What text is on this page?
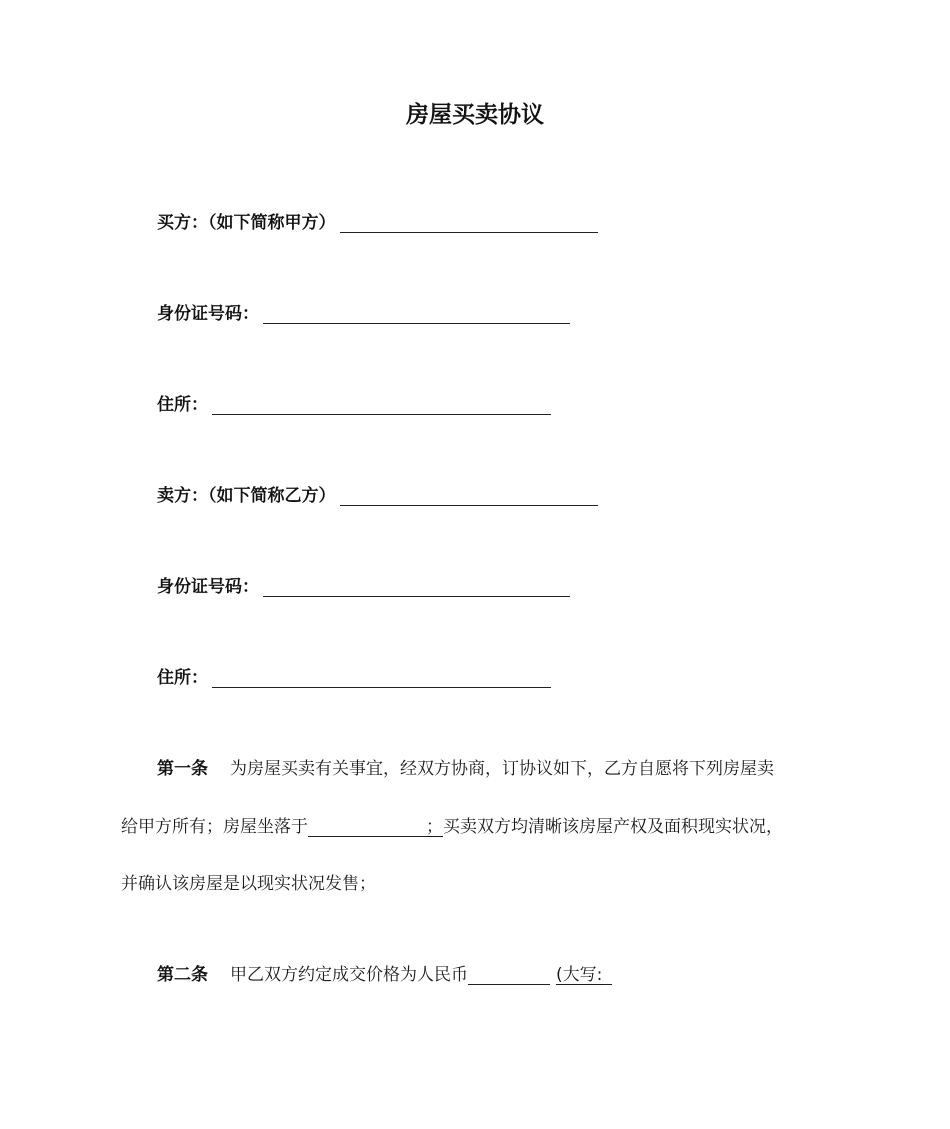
房屋买卖协议
买方：（如下简称甲方）
身份证号码：
住所：
卖方：（如下简称乙方）
身份证号码：
住所：
第一条 为房屋买卖有关事宜，经双方协商，订协议如下，乙方自愿将下列房屋卖
给甲方所有；房屋坐落于	；买卖双方均清晰该房屋产权及面积现实状况，
并确认该房屋是以现实状况发售；
第二条 甲乙双方约定成交价格为人民币	(大写:
